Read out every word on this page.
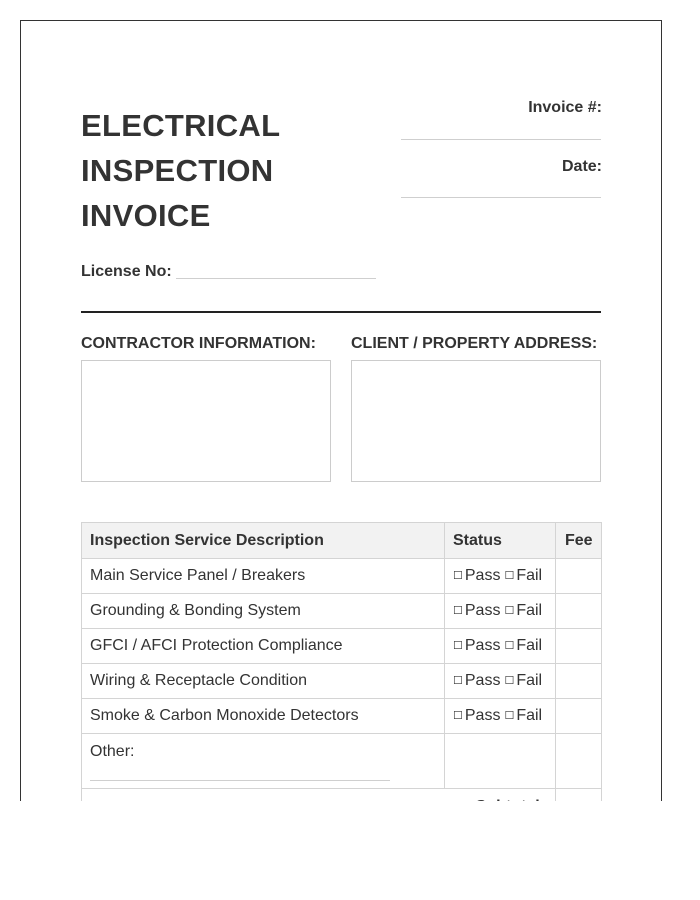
ELECTRICAL
INSPECTION
INVOICE
Invoice #:
Date:
License No:
CONTRACTOR INFORMATION: CLIENT / PROPERTY ADDRESS:
Inspection Service Description	Status	Fee
Main Service Panel / Breakers	☐ Pass ☐ Fail	
Grounding & Bonding System	☐ Pass ☐ Fail	
GFCI / AFCI Protection Compliance	☐ Pass ☐ Fail	
Wiring & Receptacle Condition	☐ Pass ☐ Fail	
Smoke & Carbon Monoxide Detectors	☐ Pass ☐ Fail	

Other:		
